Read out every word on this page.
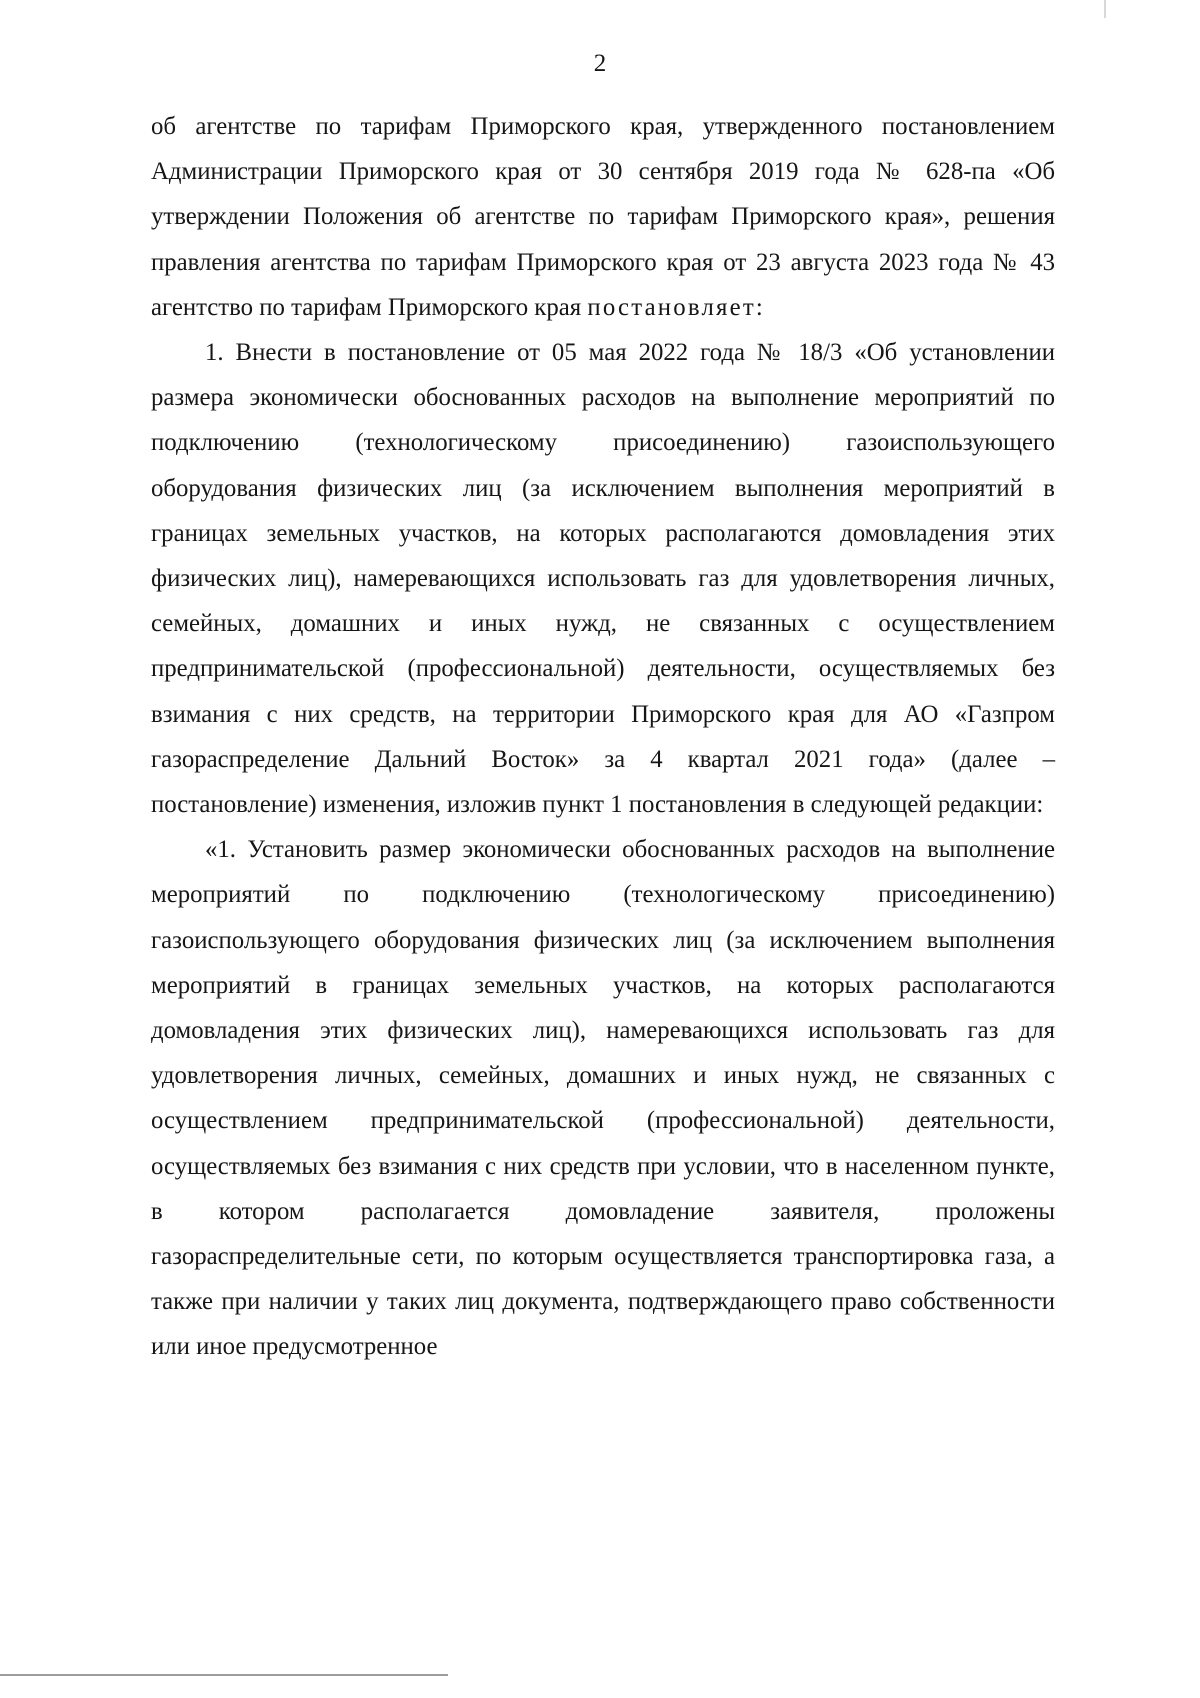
2

об агентстве по тарифам Приморского края, утвержденного постановлением Администрации Приморского края от 30 сентября 2019 года № 628-па «Об утверждении Положения об агентстве по тарифам Приморского края», решения правления агентства по тарифам Приморского края от 23 августа 2023 года № 43 агентство по тарифам Приморского края постановляет:

1. Внести в постановление от 05 мая 2022 года № 18/3 «Об установлении размера экономически обоснованных расходов на выполнение мероприятий по подключению (технологическому присоединению) газоиспользующего оборудования физических лиц (за исключением выполнения мероприятий в границах земельных участков, на которых располагаются домовладения этих физических лиц), намеревающихся использовать газ для удовлетворения личных, семейных, домашних и иных нужд, не связанных с осуществлением предпринимательской (профессиональной) деятельности, осуществляемых без взимания с них средств, на территории Приморского края для АО «Газпром газораспределение Дальний Восток» за 4 квартал 2021 года» (далее – постановление) изменения, изложив пункт 1 постановления в следующей редакции:

«1. Установить размер экономически обоснованных расходов на выполнение мероприятий по подключению (технологическому присоединению) газоиспользующего оборудования физических лиц (за исключением выполнения мероприятий в границах земельных участков, на которых располагаются домовладения этих физических лиц), намеревающихся использовать газ для удовлетворения личных, семейных, домашних и иных нужд, не связанных с осуществлением предпринимательской (профессиональной) деятельности, осуществляемых без взимания с них средств при условии, что в населенном пункте, в котором располагается домовладение заявителя, проложены газораспределительные сети, по которым осуществляется транспортировка газа, а также при наличии у таких лиц документа, подтверждающего право собственности или иное предусмотренное
